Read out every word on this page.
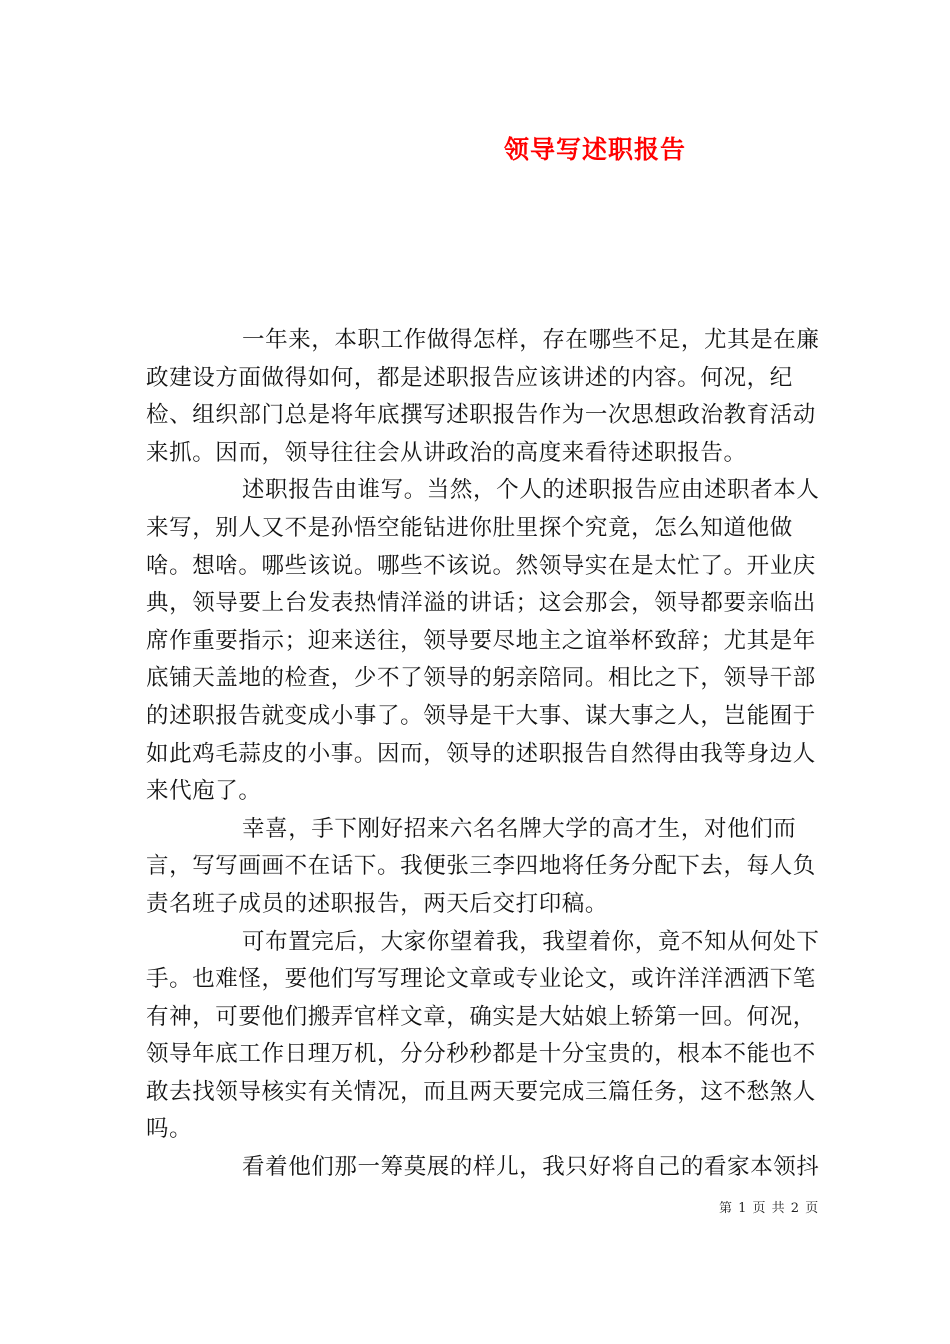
领导写述职报告

一年来，本职工作做得怎样，存在哪些不足，尤其是在廉政建设方面做得如何，都是述职报告应该讲述的内容。何况，纪检、组织部门总是将年底撰写述职报告作为一次思想政治教育活动来抓。因而，领导往往会从讲政治的高度来看待述职报告。

述职报告由谁写。当然，个人的述职报告应由述职者本人来写，别人又不是孙悟空能钻进你肚里探个究竟，怎么知道他做啥。想啥。哪些该说。哪些不该说。然领导实在是太忙了。开业庆典，领导要上台发表热情洋溢的讲话；这会那会，领导都要亲临出席作重要指示；迎来送往，领导要尽地主之谊举杯致辞；尤其是年底铺天盖地的检查，少不了领导的躬亲陪同。相比之下，领导干部的述职报告就变成小事了。领导是干大事、谋大事之人，岂能囿于如此鸡毛蒜皮的小事。因而，领导的述职报告自然得由我等身边人来代庖了。

幸喜，手下刚好招来六名名牌大学的高才生，对他们而言，写写画画不在话下。我便张三李四地将任务分配下去，每人负责名班子成员的述职报告，两天后交打印稿。

可布置完后，大家你望着我，我望着你，竟不知从何处下手。也难怪，要他们写写理论文章或专业论文，或许洋洋洒洒下笔有神，可要他们搬弄官样文章，确实是大姑娘上轿第一回。何况，领导年底工作日理万机，分分秒秒都是十分宝贵的，根本不能也不敢去找领导核实有关情况，而且两天要完成三篇任务，这不愁煞人吗。

看着他们那一筹莫展的样儿，我只好将自己的看家本领抖

第 1 页 共 2 页
